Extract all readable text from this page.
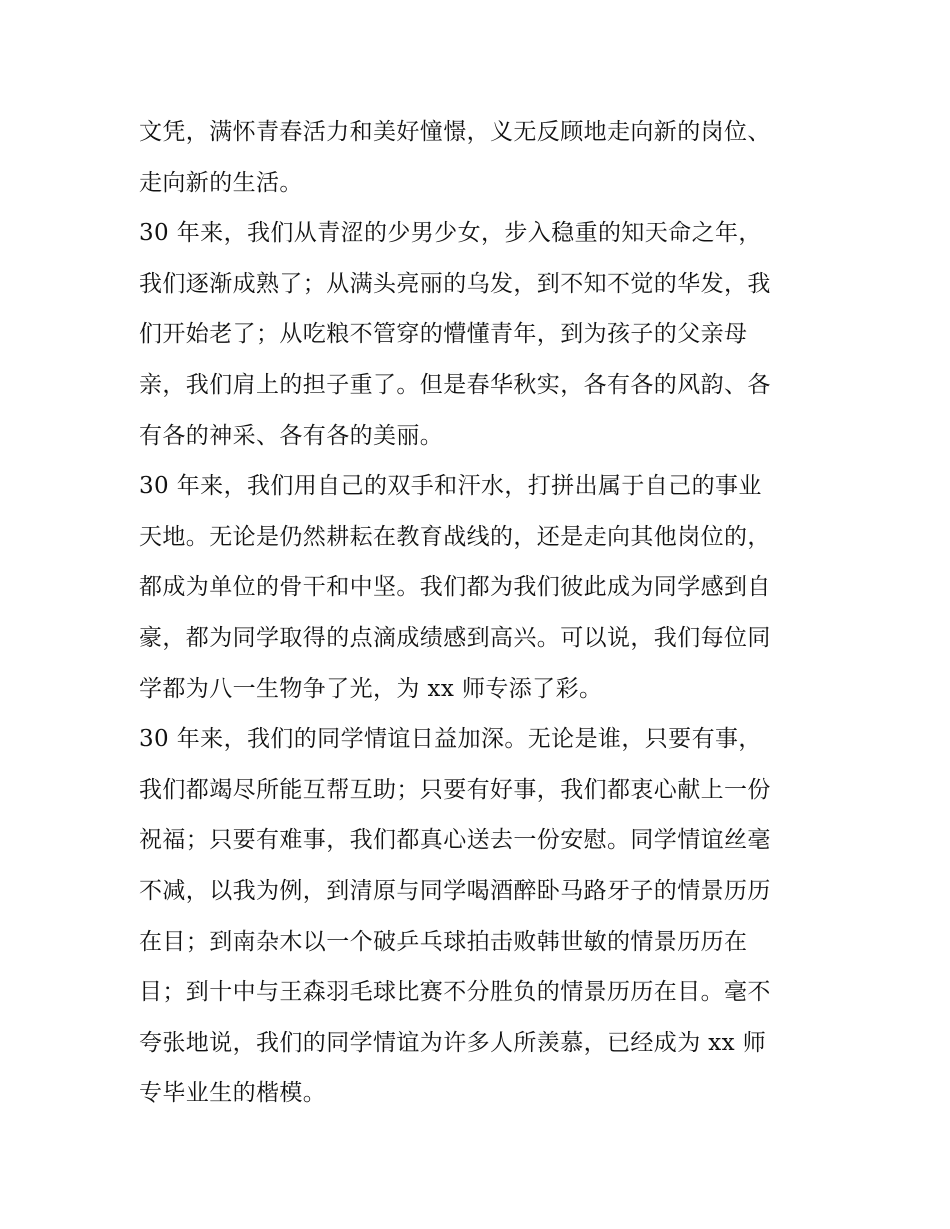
文凭，满怀青春活力和美好憧憬，义无反顾地走向新的岗位、
走向新的生活。
30 年来，我们从青涩的少男少女，步入稳重的知天命之年，
我们逐渐成熟了；从满头亮丽的乌发，到不知不觉的华发，我
们开始老了；从吃粮不管穿的懵懂青年，到为孩子的父亲母
亲，我们肩上的担子重了。但是春华秋实，各有各的风韵、各
有各的神采、各有各的美丽。
30 年来，我们用自己的双手和汗水，打拼出属于自己的事业
天地。无论是仍然耕耘在教育战线的，还是走向其他岗位的，
都成为单位的骨干和中坚。我们都为我们彼此成为同学感到自
豪，都为同学取得的点滴成绩感到高兴。可以说，我们每位同
学都为八一生物争了光，为 xx 师专添了彩。
30 年来，我们的同学情谊日益加深。无论是谁，只要有事，
我们都竭尽所能互帮互助；只要有好事，我们都衷心献上一份
祝福；只要有难事，我们都真心送去一份安慰。同学情谊丝毫
不减，以我为例，到清原与同学喝酒醉卧马路牙子的情景历历
在目；到南杂木以一个破乒乓球拍击败韩世敏的情景历历在
目；到十中与王森羽毛球比赛不分胜负的情景历历在目。毫不
夸张地说，我们的同学情谊为许多人所羡慕，已经成为 xx 师
专毕业生的楷模。
